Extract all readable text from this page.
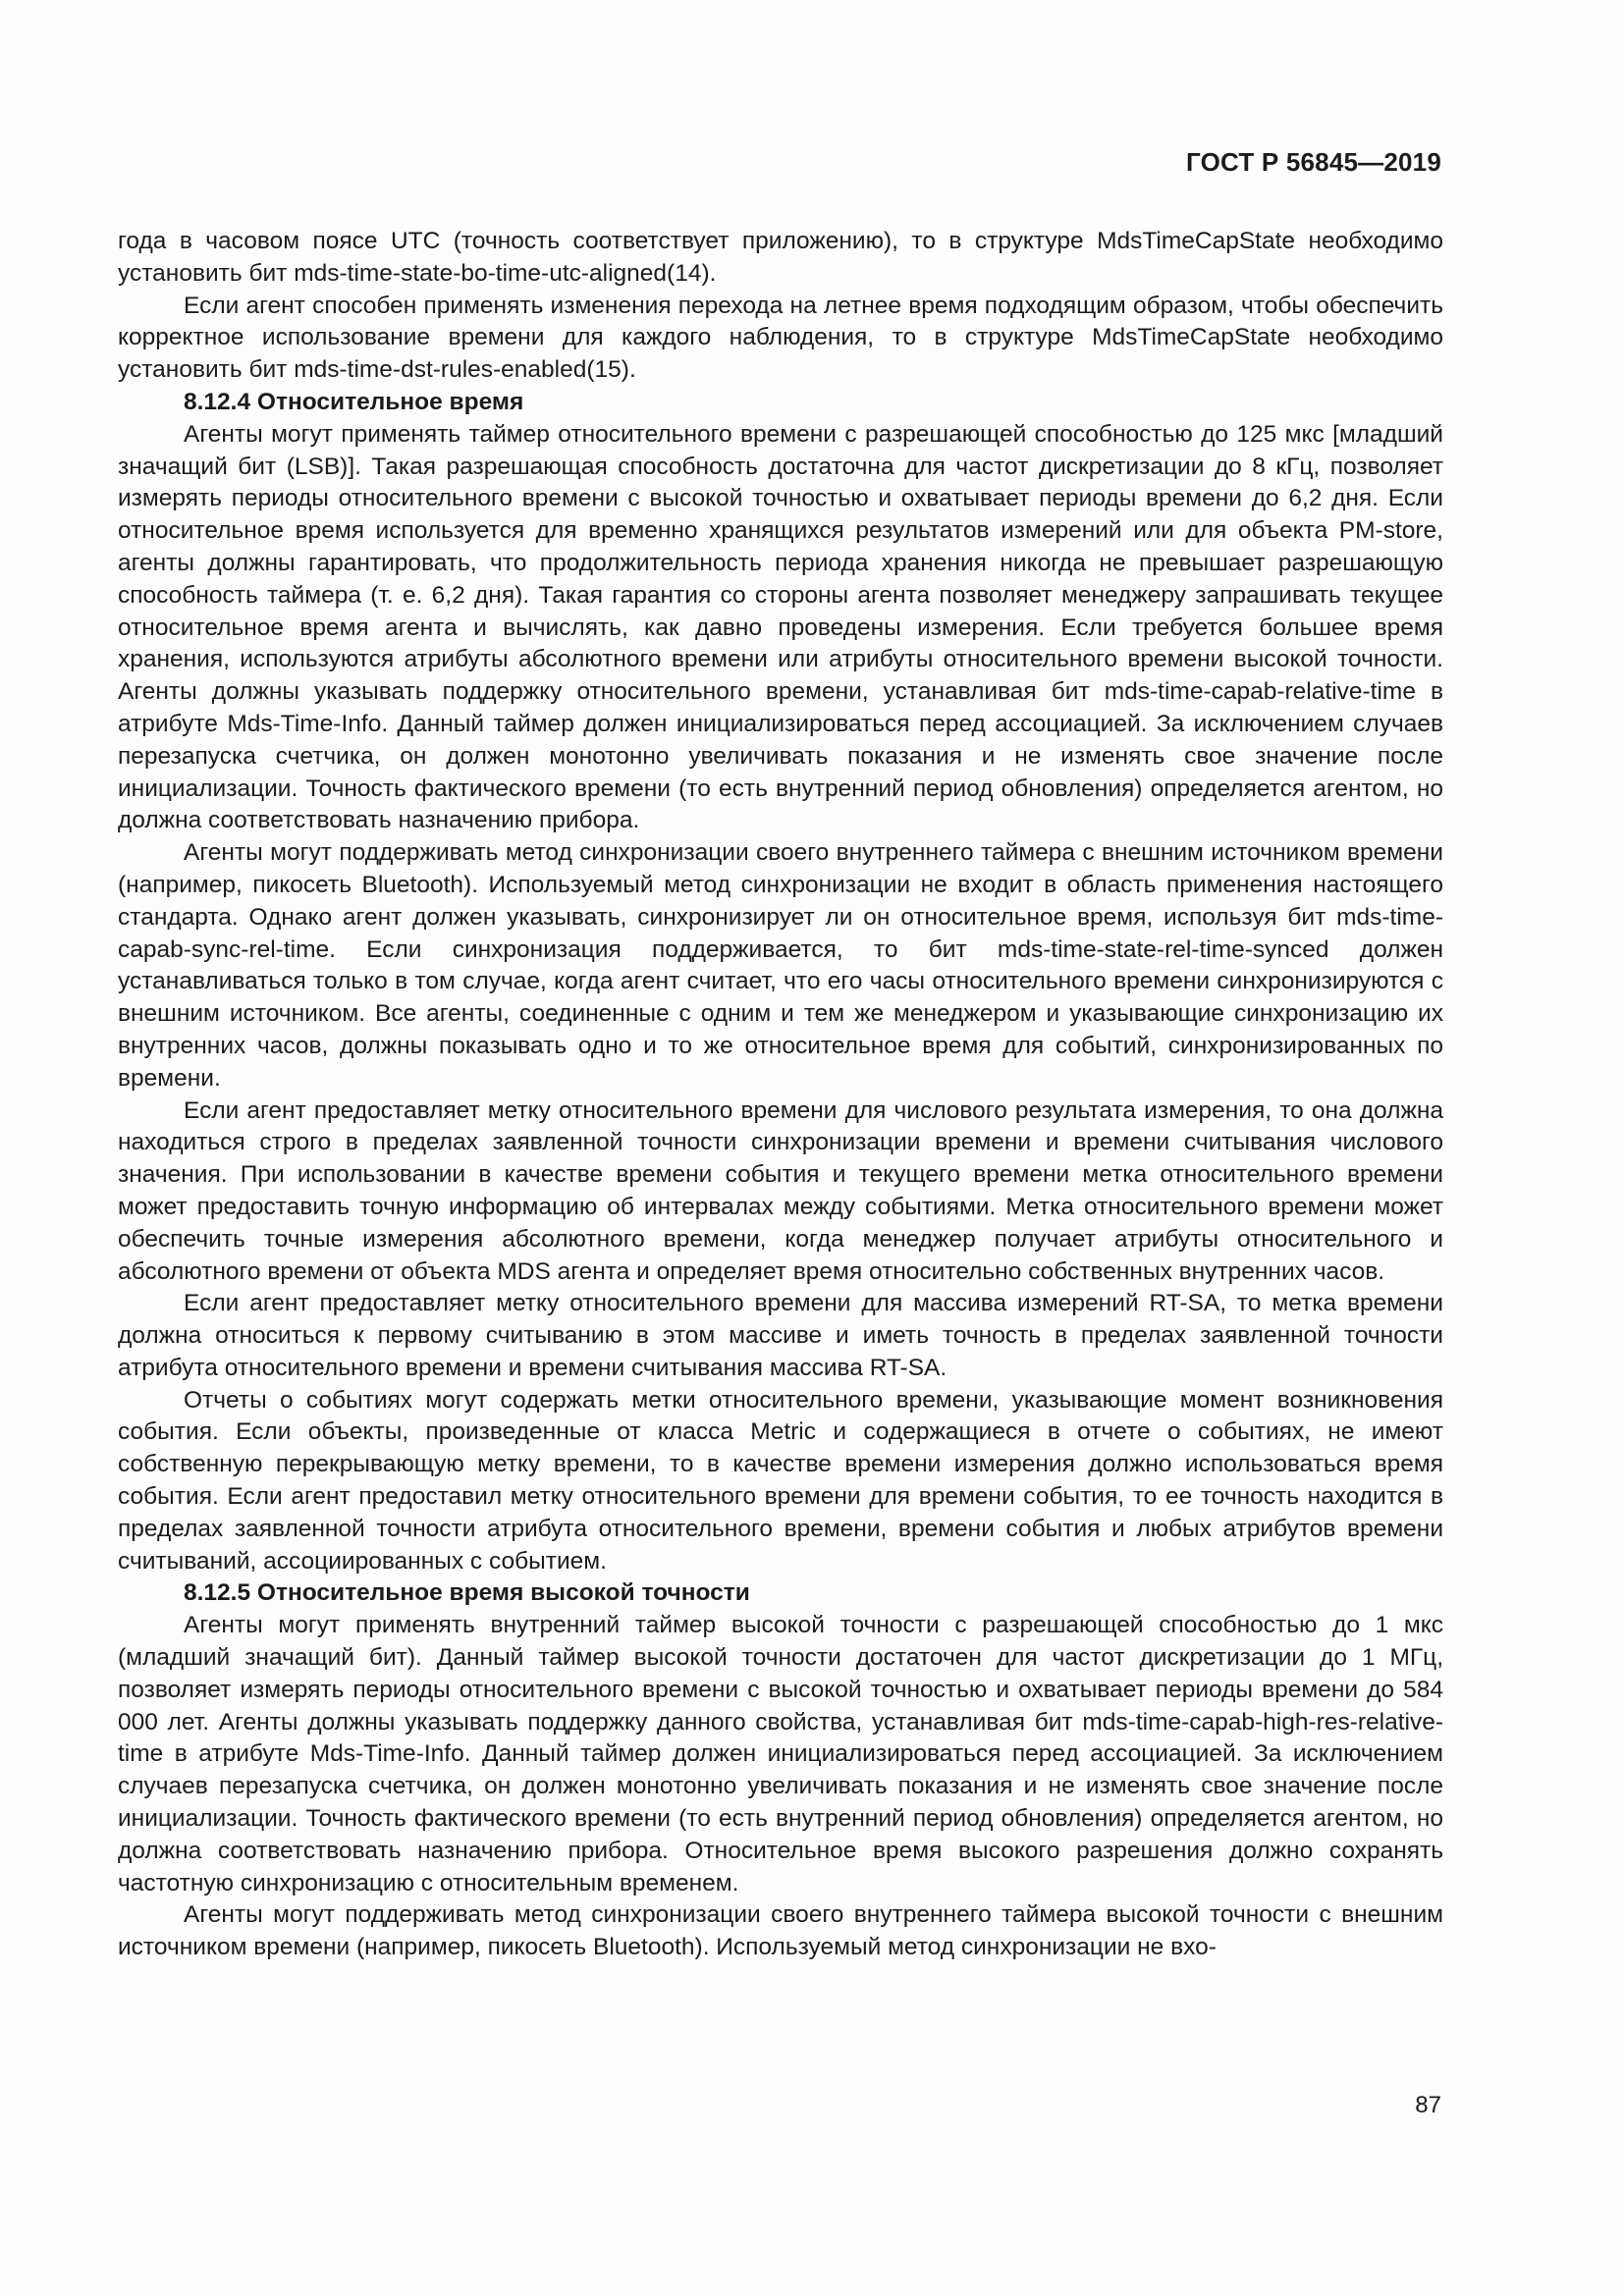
ГОСТ Р 56845—2019

года в часовом поясе UTC (точность соответствует приложению), то в структуре MdsTimeCapState необходимо установить бит mds-time-state-bo-time-utc-aligned(14).

Если агент способен применять изменения перехода на летнее время подходящим образом, чтобы обеспечить корректное использование времени для каждого наблюдения, то в структуре MdsTimeCapState необходимо установить бит mds-time-dst-rules-enabled(15).

8.12.4 Относительное время

Агенты могут применять таймер относительного времени с разрешающей способностью до 125 мкс [младший значащий бит (LSB)]. Такая разрешающая способность достаточна для частот дискретизации до 8 кГц, позволяет измерять периоды относительного времени с высокой точностью и охватывает периоды времени до 6,2 дня. Если относительное время используется для временно хранящихся результатов измерений или для объекта PM-store, агенты должны гарантировать, что продолжительность периода хранения никогда не превышает разрешающую способность таймера (т. е. 6,2 дня). Такая гарантия со стороны агента позволяет менеджеру запрашивать текущее относительное время агента и вычислять, как давно проведены измерения. Если требуется большее время хранения, используются атрибуты абсолютного времени или атрибуты относительного времени высокой точности. Агенты должны указывать поддержку относительного времени, устанавливая бит mds-time-capab-relative-time в атрибуте Mds-Time-Info. Данный таймер должен инициализироваться перед ассоциацией. За исключением случаев перезапуска счетчика, он должен монотонно увеличивать показания и не изменять свое значение после инициализации. Точность фактического времени (то есть внутренний период обновления) определяется агентом, но должна соответствовать назначению прибора.

Агенты могут поддерживать метод синхронизации своего внутреннего таймера с внешним источником времени (например, пикосеть Bluetooth). Используемый метод синхронизации не входит в область применения настоящего стандарта. Однако агент должен указывать, синхронизирует ли он относительное время, используя бит mds-time-capab-sync-rel-time. Если синхронизация поддерживается, то бит mds-time-state-rel-time-synced должен устанавливаться только в том случае, когда агент считает, что его часы относительного времени синхронизируются с внешним источником. Все агенты, соединенные с одним и тем же менеджером и указывающие синхронизацию их внутренних часов, должны показывать одно и то же относительное время для событий, синхронизированных по времени.

Если агент предоставляет метку относительного времени для числового результата измерения, то она должна находиться строго в пределах заявленной точности синхронизации времени и времени считывания числового значения. При использовании в качестве времени события и текущего времени метка относительного времени может предоставить точную информацию об интервалах между событиями. Метка относительного времени может обеспечить точные измерения абсолютного времени, когда менеджер получает атрибуты относительного и абсолютного времени от объекта MDS агента и определяет время относительно собственных внутренних часов.

Если агент предоставляет метку относительного времени для массива измерений RT-SA, то метка времени должна относиться к первому считыванию в этом массиве и иметь точность в пределах заявленной точности атрибута относительного времени и времени считывания массива RT-SA.

Отчеты о событиях могут содержать метки относительного времени, указывающие момент возникновения события. Если объекты, произведенные от класса Metric и содержащиеся в отчете о событиях, не имеют собственную перекрывающую метку времени, то в качестве времени измерения должно использоваться время события. Если агент предоставил метку относительного времени для времени события, то ее точность находится в пределах заявленной точности атрибута относительного времени, времени события и любых атрибутов времени считываний, ассоциированных с событием.

8.12.5 Относительное время высокой точности

Агенты могут применять внутренний таймер высокой точности с разрешающей способностью до 1 мкс (младший значащий бит). Данный таймер высокой точности достаточен для частот дискретизации до 1 МГц, позволяет измерять периоды относительного времени с высокой точностью и охватывает периоды времени до 584 000 лет. Агенты должны указывать поддержку данного свойства, устанавливая бит mds-time-capab-high-res-relative-time в атрибуте Mds-Time-Info. Данный таймер должен инициализироваться перед ассоциацией. За исключением случаев перезапуска счетчика, он должен монотонно увеличивать показания и не изменять свое значение после инициализации. Точность фактического времени (то есть внутренний период обновления) определяется агентом, но должна соответствовать назначению прибора. Относительное время высокого разрешения должно сохранять частотную синхронизацию с относительным временем.

Агенты могут поддерживать метод синхронизации своего внутреннего таймера высокой точности с внешним источником времени (например, пикосеть Bluetooth). Используемый метод синхронизации не вхо-

87
